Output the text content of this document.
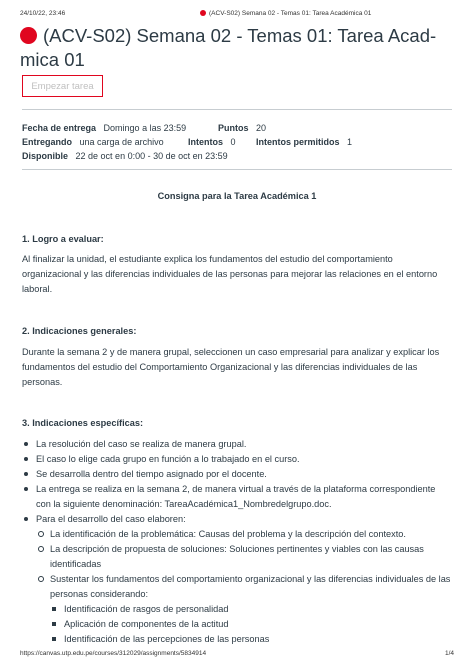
24/10/22, 23:46	(ACV-S02) Semana 02 - Temas 01: Tarea Académica 01
(ACV-S02) Semana 02 - Temas 01: Tarea Acad-
mica 01
Empezar tarea
Fecha de entrega Domingo a las 23:59	Puntos 20
Entregando una carga de archivo	Intentos 0 Intentos permitidos 1
Disponible 22 de oct en 0:00 - 30 de oct en 23:59
Consigna para la Tarea Académica 1

1. Logro a evaluar:

Al finalizar la unidad, el estudiante explica los fundamentos del estudio del comportamiento organizacional y las diferencias individuales de las personas para mejorar las relaciones en el entorno laboral.

2. Indicaciones generales:

Durante la semana 2 y de manera grupal, seleccionen un caso empresarial para analizar y explicar los fundamentos del estudio del Comportamiento Organizacional y las diferencias individuales de las personas.

3. Indicaciones específicas:

La resolución del caso se realiza de manera grupal.
El caso lo elige cada grupo en función a lo trabajado en el curso.
Se desarrolla dentro del tiempo asignado por el docente.
La entrega se realiza en la semana 2, de manera virtual a través de la plataforma correspondiente con la siguiente denominación: TareaAcadémica1_Nombredelgrupo.doc.
Para el desarrollo del caso elaboren:
La identificación de la problemática: Causas del problema y la descripción del contexto.
La descripción de propuesta de soluciones: Soluciones pertinentes y viables con las causas identificadas
Sustentar los fundamentos del comportamiento organizacional y las diferencias individuales de las personas considerando:
Identificación de rasgos de personalidad
Aplicación de componentes de la actitud
Identificación de las percepciones de las personas
https://canvas.utp.edu.pe/courses/312029/assignments/5834914	1/4
